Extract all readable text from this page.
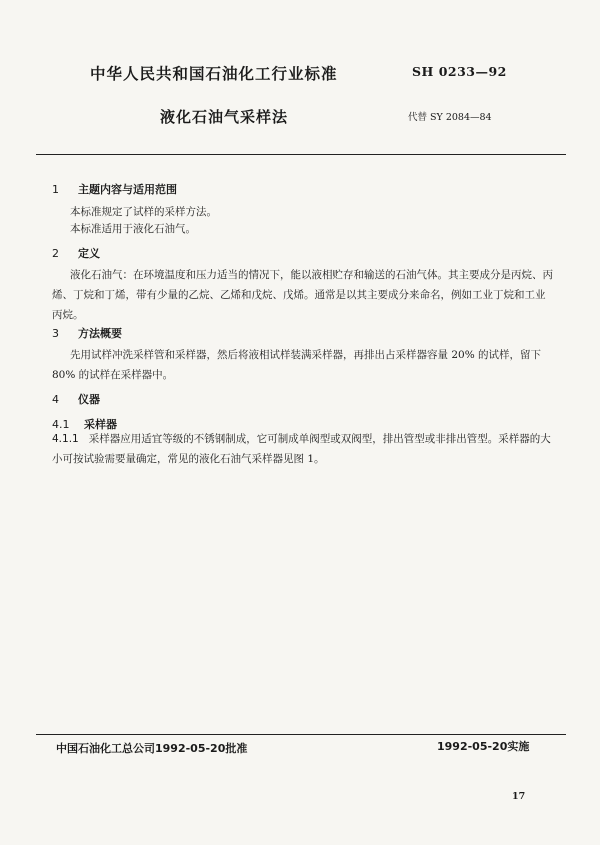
中华人民共和国石油化工行业标准	SH 0233—92
液化石油气采样法	代替 SY 2084—84
1 主题内容与适用范围
本标准规定了试样的采样方法。
本标准适用于液化石油气。
2 定义
液化石油气：在环境温度和压力适当的情况下，能以液相贮存和输送的石油气体。其主要成分是丙烷、丙烯、丁烷和丁烯，带有少量的乙烷、乙烯和戊烷、戊烯。通常是以其主要成分来命名，例如工业丁烷和工业丙烷。
3 方法概要
先用试样冲洗采样管和采样器，然后将液相试样装满采样器，再排出占采样器容量 20% 的试样，留下 80% 的试样在采样器中。
4 仪器
4.1 采样器
4.1.1 采样器应用适宜等级的不锈钢制成，它可制成单阀型或双阀型，排出管型或非排出管型。采样器的大小可按试验需要量确定，常见的液化石油气采样器见图 1。
中国石油化工总公司1992-05-20批准	1992-05-20实施
17
